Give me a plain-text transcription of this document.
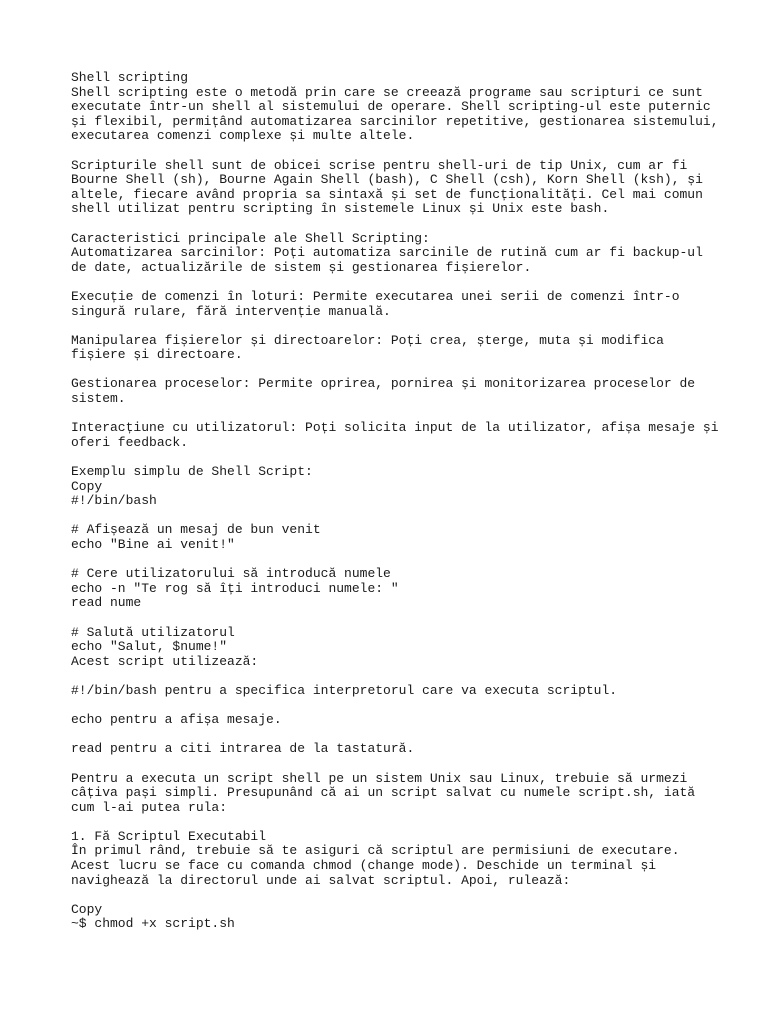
Shell scripting
Shell scripting este o metodă prin care se creează programe sau scripturi ce sunt
executate într-un shell al sistemului de operare. Shell scripting-ul este puternic
și flexibil, permițând automatizarea sarcinilor repetitive, gestionarea sistemului,
executarea comenzi complexe și multe altele.
Scripturile shell sunt de obicei scrise pentru shell-uri de tip Unix, cum ar fi
Bourne Shell (sh), Bourne Again Shell (bash), C Shell (csh), Korn Shell (ksh), și
altele, fiecare având propria sa sintaxă și set de funcționalități. Cel mai comun
shell utilizat pentru scripting în sistemele Linux și Unix este bash.
Caracteristici principale ale Shell Scripting:
Automatizarea sarcinilor: Poți automatiza sarcinile de rutină cum ar fi backup-ul
de date, actualizările de sistem și gestionarea fișierelor.
Execuție de comenzi în loturi: Permite executarea unei serii de comenzi într-o
singură rulare, fără intervenție manuală.
Manipularea fișierelor și directoarelor: Poți crea, șterge, muta și modifica
fișiere și directoare.
Gestionarea proceselor: Permite oprirea, pornirea și monitorizarea proceselor de
sistem.
Interacțiune cu utilizatorul: Poți solicita input de la utilizator, afișa mesaje și
oferi feedback.
Exemplu simplu de Shell Script:
Copy
#!/bin/bash
# Afișează un mesaj de bun venit
echo "Bine ai venit!"
# Cere utilizatorului să introducă numele
echo -n "Te rog să îți introduci numele: "
read nume
# Salută utilizatorul
echo "Salut, $nume!"
Acest script utilizează:
#!/bin/bash pentru a specifica interpretorul care va executa scriptul.
echo pentru a afișa mesaje.
read pentru a citi intrarea de la tastatură.
Pentru a executa un script shell pe un sistem Unix sau Linux, trebuie să urmezi
câțiva pași simpli. Presupunând că ai un script salvat cu numele script.sh, iată
cum l-ai putea rula:
1. Fă Scriptul Executabil
În primul rând, trebuie să te asiguri că scriptul are permisiuni de executare.
Acest lucru se face cu comanda chmod (change mode). Deschide un terminal și
navighează la directorul unde ai salvat scriptul. Apoi, rulează:
Copy
~$ chmod +x script.sh
